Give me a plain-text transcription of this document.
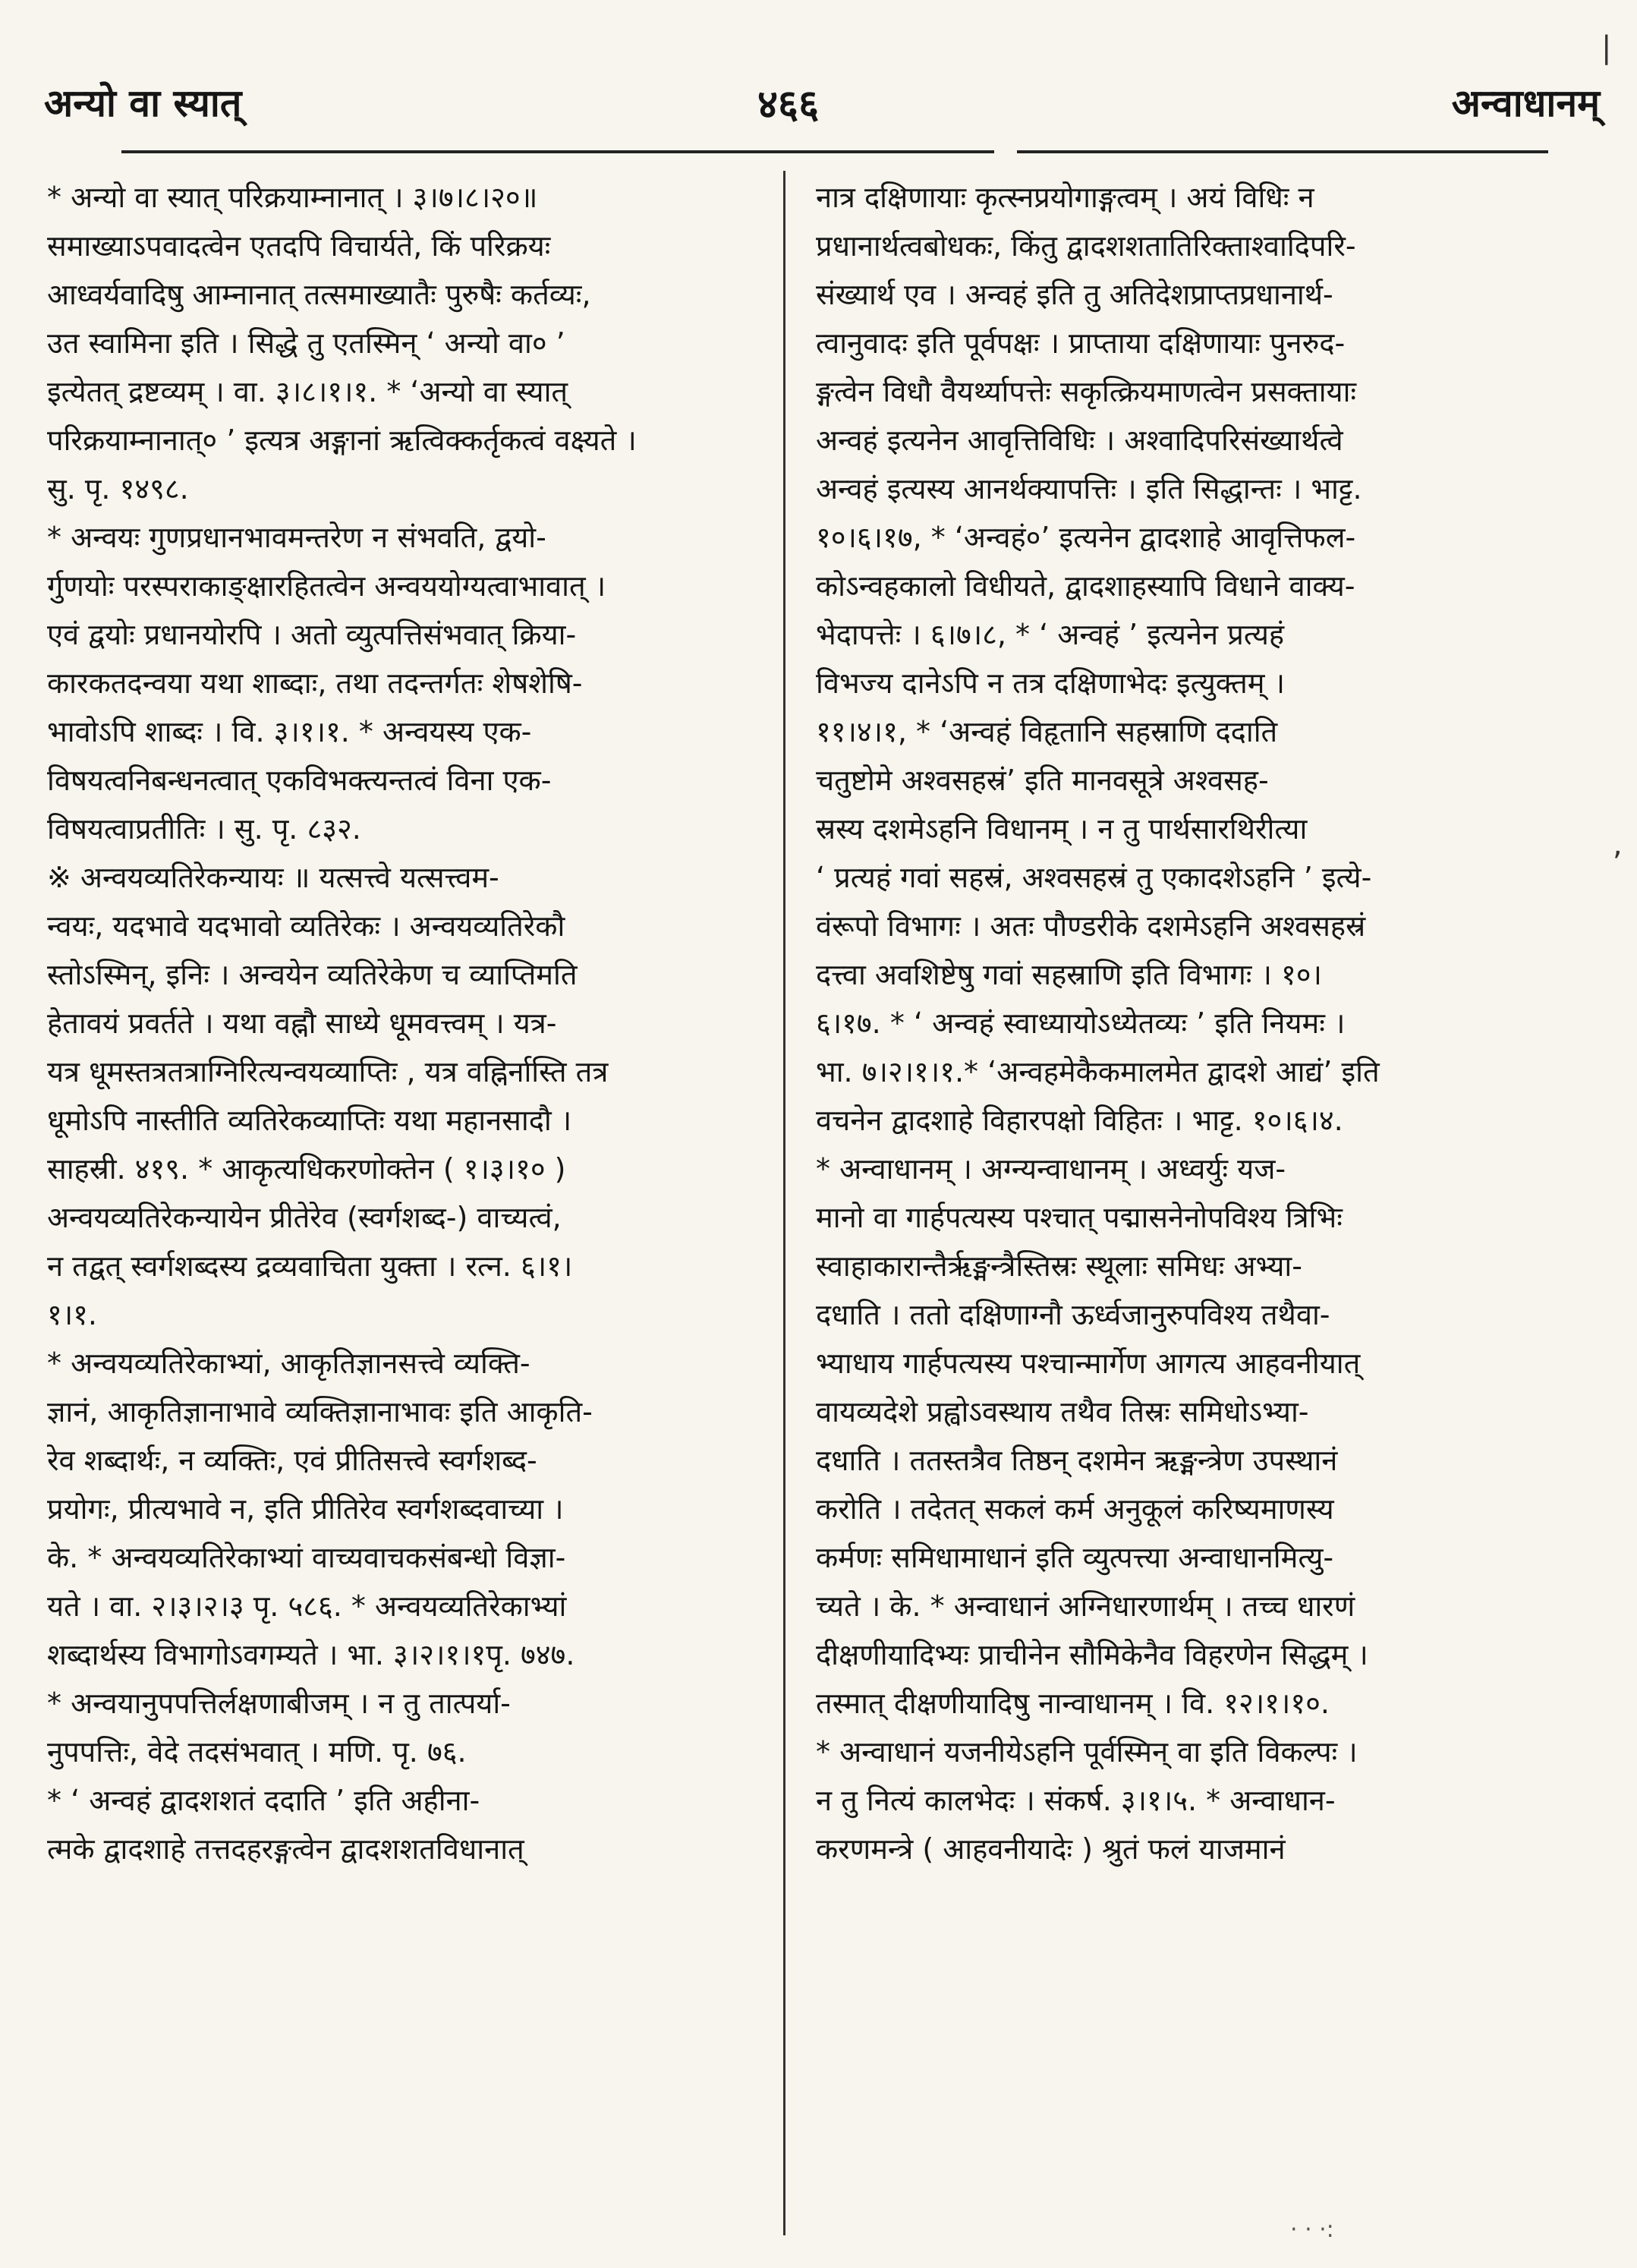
अन्यो वा स्यात्	४६६	अन्वाधानम्
* अन्यो वा स्यात् परिक्रयाम्नानात् । ३।७।८।२०॥
समाख्याऽपवादत्वेन एतदपि विचार्यते, किं परिक्रयः
आध्वर्यवादिषु आम्नानात् तत्समाख्यातैः पुरुषैः कर्तव्यः,
उत स्वामिना इति । सिद्धे तु एतस्मिन् ‘ अन्यो वा० ’
इत्येतत् द्रष्टव्यम् । वा. ३।८।१।१. * ‘अन्यो वा स्यात्
परिक्रयाम्नानात्० ’ इत्यत्र अङ्गानां ऋत्विक्कर्तृकत्वं वक्ष्यते ।
सु. पृ. १४९८.
* अन्वयः गुणप्रधानभावमन्तरेण न संभवति, द्वयो-
र्गुणयोः परस्पराकाङ्क्षारहितत्वेन अन्वययोग्यत्वाभावात् ।
एवं द्वयोः प्रधानयोरपि । अतो व्युत्पत्तिसंभवात् क्रिया-
कारकतदन्वया यथा शाब्दाः, तथा तदन्तर्गतः शेषशेषि-
भावोऽपि शाब्दः । वि. ३।१।१. * अन्वयस्य एक-
विषयत्वनिबन्धनत्वात् एकविभक्त्यन्तत्वं विना एक-
विषयत्वाप्रतीतिः । सु. पृ. ८३२.
※ अन्वयव्यतिरेकन्यायः ॥ यत्सत्त्वे यत्सत्त्वम-
न्वयः, यदभावे यदभावो व्यतिरेकः । अन्वयव्यतिरेकौ
स्तोऽस्मिन्, इनिः । अन्वयेन व्यतिरेकेण च व्याप्तिमति
हेतावयं प्रवर्तते । यथा वह्नौ साध्ये धूमवत्त्वम् । यत्र-
यत्र धूमस्तत्रतत्राग्निरित्यन्वयव्याप्तिः , यत्र वह्निर्नास्ति तत्र
धूमोऽपि नास्तीति व्यतिरेकव्याप्तिः यथा महानसादौ ।
साहस्री. ४१९. * आकृत्यधिकरणोक्तेन ( १।३।१० )
अन्वयव्यतिरेकन्यायेन प्रीतेरेव (स्वर्गशब्द-) वाच्यत्वं,
न तद्वत् स्वर्गशब्दस्य द्रव्यवाचिता युक्ता । रत्न. ६।१।
१।१.
* अन्वयव्यतिरेकाभ्यां, आकृतिज्ञानसत्त्वे व्यक्ति-
ज्ञानं, आकृतिज्ञानाभावे व्यक्तिज्ञानाभावः इति आकृति-
रेव शब्दार्थः, न व्यक्तिः, एवं प्रीतिसत्त्वे स्वर्गशब्द-
प्रयोगः, प्रीत्यभावे न, इति प्रीतिरेव स्वर्गशब्दवाच्या ।
के. * अन्वयव्यतिरेकाभ्यां वाच्यवाचकसंबन्धो विज्ञा-
यते । वा. २।३।२।३ पृ. ५८६. * अन्वयव्यतिरेकाभ्यां
शब्दार्थस्य विभागोऽवगम्यते । भा. ३।२।१।१पृ. ७४७.
* अन्वयानुपपत्तिर्लक्षणाबीजम् । न तु तात्पर्या-
नुपपत्तिः, वेदे तदसंभवात् । मणि. पृ. ७६.
* ‘ अन्वहं द्वादशशतं ददाति ’ इति अहीना-
त्मके द्वादशाहे तत्तदहरङ्गत्वेन द्वादशशतविधानात्
नात्र दक्षिणायाः कृत्स्नप्रयोगाङ्गत्वम् । अयं विधिः न
प्रधानार्थत्वबोधकः, किंतु द्वादशशतातिरिक्ताश्वादिपरि-
संख्यार्थ एव । अन्वहं इति तु अतिदेशप्राप्तप्रधानार्थ-
त्वानुवादः इति पूर्वपक्षः । प्राप्ताया दक्षिणायाः पुनरुद-
ङ्गत्वेन विधौ वैयर्थ्यापत्तेः सकृत्क्रियमाणत्वेन प्रसक्तायाः
अन्वहं इत्यनेन आवृत्तिविधिः । अश्वादिपरिसंख्यार्थत्वे
अन्वहं इत्यस्य आनर्थक्यापत्तिः । इति सिद्धान्तः । भाट्ट.
१०।६।१७, * ‘अन्वहं०’ इत्यनेन द्वादशाहे आवृत्तिफल-
कोऽन्वहकालो विधीयते, द्वादशाहस्यापि विधाने वाक्य-
भेदापत्तेः । ६।७।८, * ‘ अन्वहं ’ इत्यनेन प्रत्यहं
विभज्य दानेऽपि न तत्र दक्षिणाभेदः इत्युक्तम् ।
११।४।१, * ‘अन्वहं विहृतानि सहस्राणि ददाति
चतुष्टोमे अश्वसहस्रं’ इति मानवसूत्रे अश्वसह-
स्रस्य दशमेऽहनि विधानम् । न तु पार्थसारथिरीत्या
‘ प्रत्यहं गवां सहस्रं, अश्वसहस्रं तु एकादशेऽहनि ’ इत्ये-
वंरूपो विभागः । अतः पौण्डरीके दशमेऽहनि अश्वसहस्रं
दत्त्वा अवशिष्टेषु गवां सहस्राणि इति विभागः । १०।
६।१७. * ‘ अन्वहं स्वाध्यायोऽध्येतव्यः ’ इति नियमः ।
भा. ७।२।१।१.* ‘अन्वहमेकैकमालमेत द्वादशे आद्यं’ इति
वचनेन द्वादशाहे विहारपक्षो विहितः । भाट्ट. १०।६।४.
* अन्वाधानम् । अग्न्यन्वाधानम् । अध्वर्युः यज-
मानो वा गार्हपत्यस्य पश्चात् पद्मासनेनोपविश्य त्रिभिः
स्वाहाकारान्तैर्ऋङ्मन्त्रैस्तिस्रः स्थूलाः समिधः अभ्या-
दधाति । ततो दक्षिणाग्नौ ऊर्ध्वजानुरुपविश्य तथैवा-
भ्याधाय गार्हपत्यस्य पश्चान्मार्गेण आगत्य आहवनीयात्
वायव्यदेशे प्रह्वोऽवस्थाय तथैव तिस्रः समिधोऽभ्या-
दधाति । ततस्तत्रैव तिष्ठन् दशमेन ऋङ्मन्त्रेण उपस्थानं
करोति । तदेतत् सकलं कर्म अनुकूलं करिष्यमाणस्य
कर्मणः समिधामाधानं इति व्युत्पत्त्या अन्वाधानमित्यु-
च्यते । के. * अन्वाधानं अग्निधारणार्थम् । तच्च धारणं
दीक्षणीयादिभ्यः प्राचीनेन सौमिकेनैव विहरणेन सिद्धम् ।
तस्मात् दीक्षणीयादिषु नान्वाधानम् । वि. १२।१।१०.
* अन्वाधानं यजनीयेऽहनि पूर्वस्मिन् वा इति विकल्पः ।
न तु नित्यं कालभेदः । संकर्ष. ३।१।५. * अन्वाधान-
करणमन्त्रे ( आहवनीयादेः ) श्रुतं फलं याजमानं
|
,
· · ·:
